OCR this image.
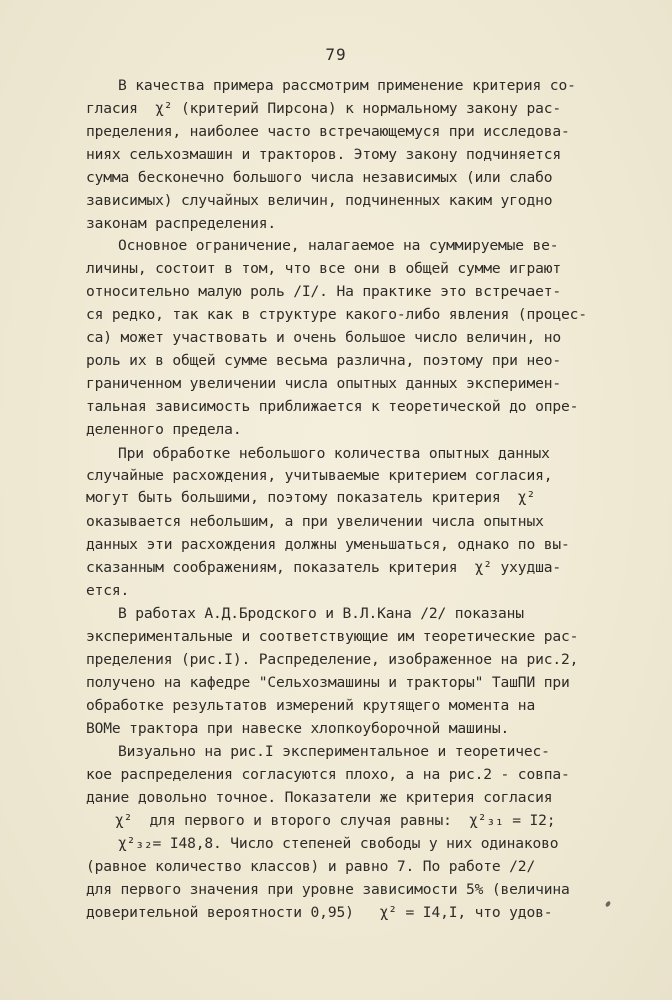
79
В качества примера рассмотрим применение критерия со-
гласия  χ² (критерий Пирсона) к нормальному закону рас-
пределения, наиболее часто встречающемуся при исследова-
ниях сельхозмашин и тракторов. Этому закону подчиняется
сумма бесконечно большого числа независимых (или слабо
зависимых) случайных величин, подчиненных каким угодно
законам распределения.
Основное ограничение, налагаемое на суммируемые ве-
личины, состоит в том, что все они в общей сумме играют
относительно малую роль /I/. На практике это встречает-
ся редко, так как в структуре какого-либо явления (процес-
са) может участвовать и очень большое число величин, но
роль их в общей сумме весьма различна, поэтому при нео-
граниченном увеличении числа опытных данных эксперимен-
тальная зависимость приближается к теоретической до опре-
деленного предела.
При обработке небольшого количества опытных данных
случайные расхождения, учитываемые критерием согласия,
могут быть большими, поэтому показатель критерия  χ²
оказывается небольшим, а при увеличении числа опытных
данных эти расхождения должны уменьшаться, однако по вы-
сказанным соображениям, показатель критерия  χ² ухудша-
ется.
В работах А.Д.Бродского и В.Л.Кана /2/ показаны
экспериментальные и соответствующие им теоретические рас-
пределения (рис.I). Распределение, изображенное на рис.2,
получено на кафедре "Сельхозмашины и тракторы" ТашПИ при
обработке результатов измерений крутящего момента на
ВОМе трактора при навеске хлопкоуборочной машины.
Визуально на рис.I экспериментальное и теоретичес-
кое распределения согласуются плохо, а на рис.2 - совпа-
дание довольно точное. Показатели же критерия согласия
χ²  для первого и второго случая равны:  χ²₃₁ = I2;
χ²₃₂= I48,8. Число степеней свободы у них одинаково
(равное количество классов) и равно 7. По работе /2/
для первого значения при уровне зависимости 5% (величина
доверительной вероятности 0,95)   χ² = I4,I, что удов-
